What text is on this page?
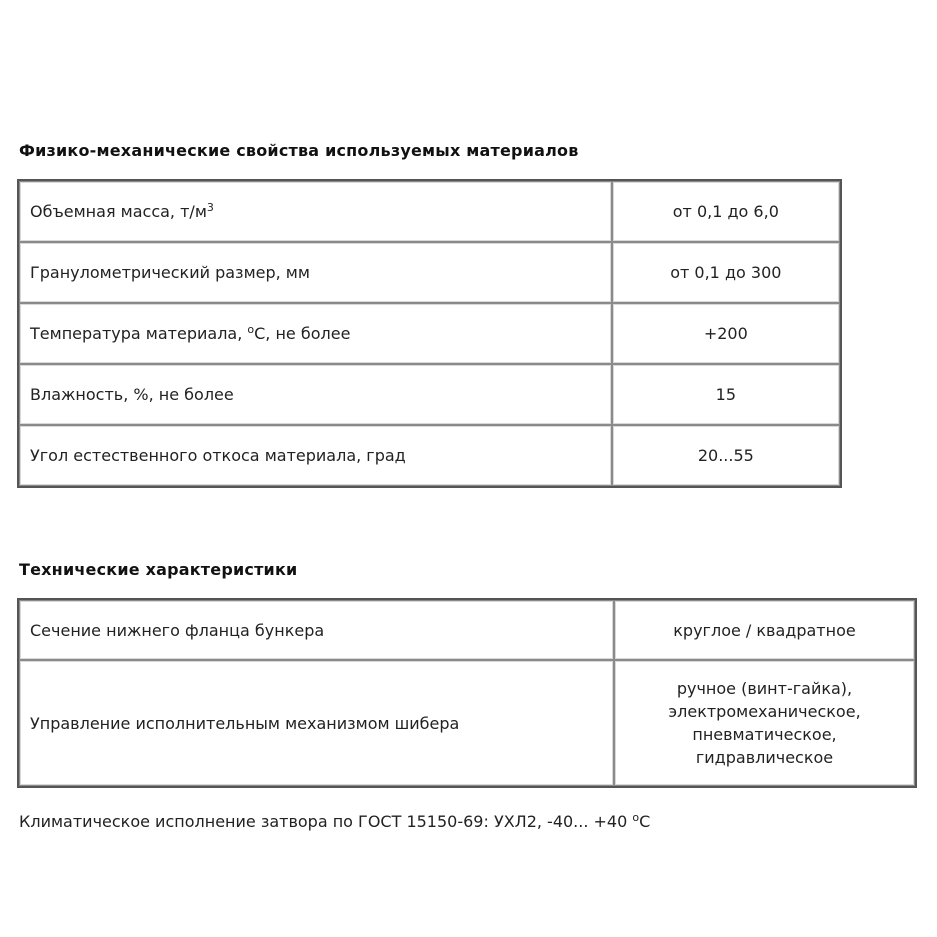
Физико-механические свойства используемых материалов
Объемная масса, $т/м^3$	от 0,1 до 6,0
Гранулометрический размер, мм	от 0,1 до 300
Температура материала, $^о$С, не более	+200
Влажность, %, не более	15
Угол естественного откоса материала, град	20...55
Технические характеристики
Сечение нижнего фланца бункера	круглое / квадратное
Управление исполнительным механизмом шибера	ручное (винт-гайка),
электромеханическое,
пневматическое,
гидравлическое

Климатическое исполнение затвора по ГОСТ 15150-69: УХЛ2, -40... +40 $^о$С
